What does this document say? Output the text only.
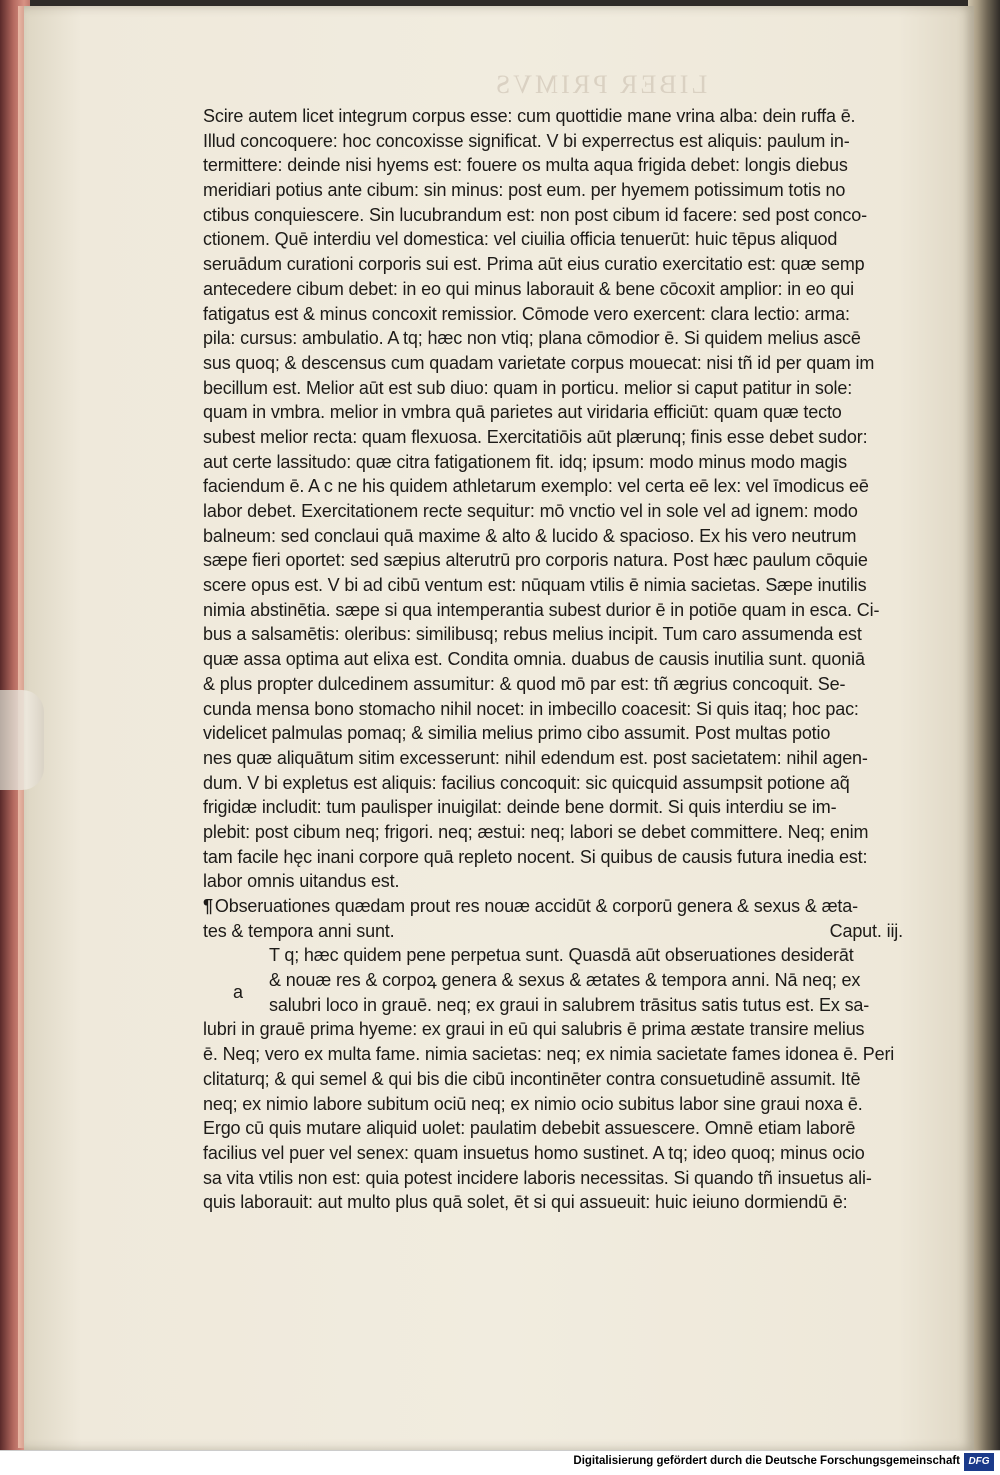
LIBER PRIMVS
Scire autem licet integrum corpus esse: cum quottidie mane vrina alba: dein ruffa ē.
Illud concoquere: hoc concoxisse significat. V bi experrectus est aliquis: paulum in-
termittere: deinde nisi hyems est: fouere os multa aqua frigida debet: longis diebus
meridiari potius ante cibum: sin minus: post eum. per hyemem potissimum totis no
ctibus conquiescere. Sin lucubrandum est: non post cibum id facere: sed post conco-
ctionem. Quē interdiu vel domestica: vel ciuilia officia tenuerūt: huic tēpus aliquod
seruādum curationi corporis sui est. Prima aūt eius curatio exercitatio est: quæ semp
antecedere cibum debet: in eo qui minus laborauit & bene cōcoxit amplior: in eo qui
fatigatus est & minus concoxit remissior. Cōmode vero exercent: clara lectio: arma:
pila: cursus: ambulatio. A tq; hæc non vtiq; plana cōmodior ē. Si quidem melius ascē
sus quoq; & descensus cum quadam varietate corpus mouecat: nisi tñ id per quam im
becillum est. Melior aūt est sub diuo: quam in porticu. melior si caput patitur in sole:
quam in vmbra. melior in vmbra quā parietes aut viridaria efficiūt: quam quæ tecto
subest melior recta: quam flexuosa. Exercitatiōis aūt plærunq; finis esse debet sudor:
aut certe lassitudo: quæ citra fatigationem fit. idq; ipsum: modo minus modo magis
faciendum ē. A c ne his quidem athletarum exemplo: vel certa eē lex: vel īmodicus eē
labor debet. Exercitationem recte sequitur: mō vnctio vel in sole vel ad ignem: modo
balneum: sed conclaui quā maxime & alto & lucido & spacioso. Ex his vero neutrum
sæpe fieri oportet: sed sæpius alterutrū pro corporis natura. Post hæc paulum cōquie
scere opus est. V bi ad cibū ventum est: nūquam vtilis ē nimia sacietas. Sæpe inutilis
nimia abstinētia. sæpe si qua intemperantia subest durior ē in potiōe quam in esca. Ci-
bus a salsamētis: oleribus: similibusq; rebus melius incipit. Tum caro assumenda est
quæ assa optima aut elixa est. Condita omnia. duabus de causis inutilia sunt. quoniā
& plus propter dulcedinem assumitur: & quod mō par est: tñ ægrius concoquit. Se-
cunda mensa bono stomacho nihil nocet: in imbecillo coacesit: Si quis itaq; hoc pac:
videlicet palmulas pomaq; & similia melius primo cibo assumit. Post multas potio
nes quæ aliquātum sitim excesserunt: nihil edendum est. post sacietatem: nihil agen-
dum. V bi expletus est aliquis: facilius concoquit: sic quicquid assumpsit potione aq̃
frigidæ includit: tum paulisper inuigilat: deinde bene dormit. Si quis interdiu se im-
plebit: post cibum neq; frigori. neq; æstui: neq; labori se debet committere. Neq; enim
tam facile hęc inani corpore quā repleto nocent. Si quibus de causis futura inedia est:
labor omnis uitandus est.
¶ Obseruationes quædam prout res nouæ accidūt & corporū genera & sexus & æta-
tes & tempora anni sunt.	Caput. iij.
T q; hæc quidem pene perpetua sunt. Quasdā aūt obseruationes desiderāt
& nouæ res & corpoꝝ genera & sexus & ætates & tempora anni. Nā neq; ex
salubri loco in grauē. neq; ex graui in salubrem trāsitus satis tutus est. Ex sa-
lubri in grauē prima hyeme: ex graui in eū qui salubris ē prima æstate transire melius
ē. Neq; vero ex multa fame. nimia sacietas: neq; ex nimia sacietate fames idonea ē. Peri
clitaturq; & qui semel & qui bis die cibū incontinēter contra consuetudinē assumit. Itē
neq; ex nimio labore subitum ociū neq; ex nimio ocio subitus labor sine graui noxa ē.
Ergo cū quis mutare aliquid uolet: paulatim debebit assuescere. Omnē etiam laborē
facilius vel puer vel senex: quam insuetus homo sustinet. A tq; ideo quoq; minus ocio
sa vita vtilis non est: quia potest incidere laboris necessitas. Si quando tñ insuetus ali-
quis laborauit: aut multo plus quā solet, ēt si qui assueuit: huic ieiuno dormiendū ē:
a
Digitalisierung gefördert durch die Deutsche Forschungsgemeinschaft DFG
